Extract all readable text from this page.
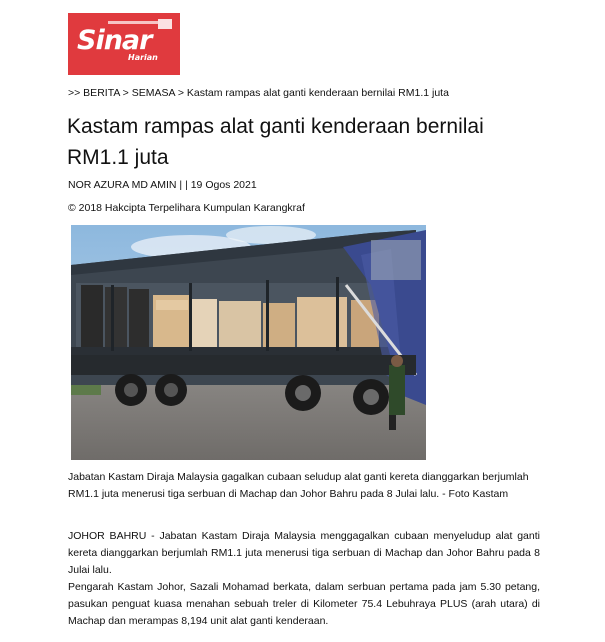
Sinar
Harian
>> BERITA > SEMASA > Kastam rampas alat ganti kenderaan bernilai RM1.1 juta
Kastam rampas alat ganti kenderaan bernilai RM1.1 juta
NOR AZURA MD AMIN | | 19 Ogos 2021
© 2018 Hakcipta Terpelihara Kumpulan Karangkraf
Jabatan Kastam Diraja Malaysia gagalkan cubaan seludup alat ganti kereta dianggarkan berjumlah RM1.1 juta menerusi tiga serbuan di Machap dan Johor Bahru pada 8 Julai lalu. - Foto Kastam

JOHOR BAHRU - Jabatan Kastam Diraja Malaysia menggagalkan cubaan menyeludup alat ganti kereta dianggarkan berjumlah RM1.1 juta menerusi tiga serbuan di Machap dan Johor Bahru pada 8 Julai lalu.

Pengarah Kastam Johor, Sazali Mohamad berkata, dalam serbuan pertama pada jam 5.30 petang, pasukan penguat kuasa menahan sebuah treler di Kilometer 75.4 Lebuhraya PLUS (arah utara) di Machap dan merampas 8,194 unit alat ganti kenderaan.
